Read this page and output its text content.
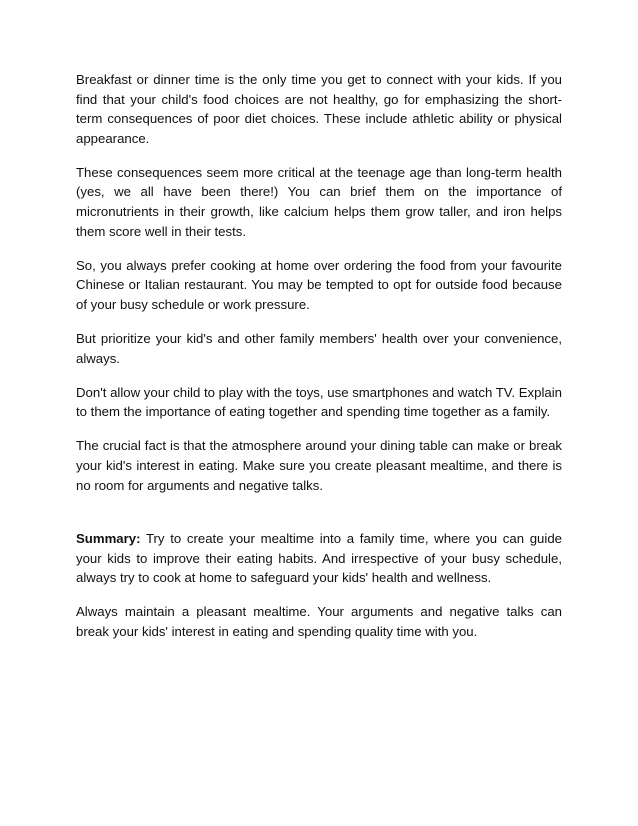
Breakfast or dinner time is the only time you get to connect with your kids. If you find that your child's food choices are not healthy, go for emphasizing the short-term consequences of poor diet choices. These include athletic ability or physical appearance.

These consequences seem more critical at the teenage age than long-term health (yes, we all have been there!) You can brief them on the importance of micronutrients in their growth, like calcium helps them grow taller, and iron helps them score well in their tests.

So, you always prefer cooking at home over ordering the food from your favourite Chinese or Italian restaurant. You may be tempted to opt for outside food because of your busy schedule or work pressure.

But prioritize your kid's and other family members' health over your convenience, always.

Don't allow your child to play with the toys, use smartphones and watch TV. Explain to them the importance of eating together and spending time together as a family.

The crucial fact is that the atmosphere around your dining table can make or break your kid's interest in eating. Make sure you create pleasant mealtime, and there is no room for arguments and negative talks.

Summary: Try to create your mealtime into a family time, where you can guide your kids to improve their eating habits. And irrespective of your busy schedule, always try to cook at home to safeguard your kids' health and wellness.

Always maintain a pleasant mealtime. Your arguments and negative talks can break your kids' interest in eating and spending quality time with you.
